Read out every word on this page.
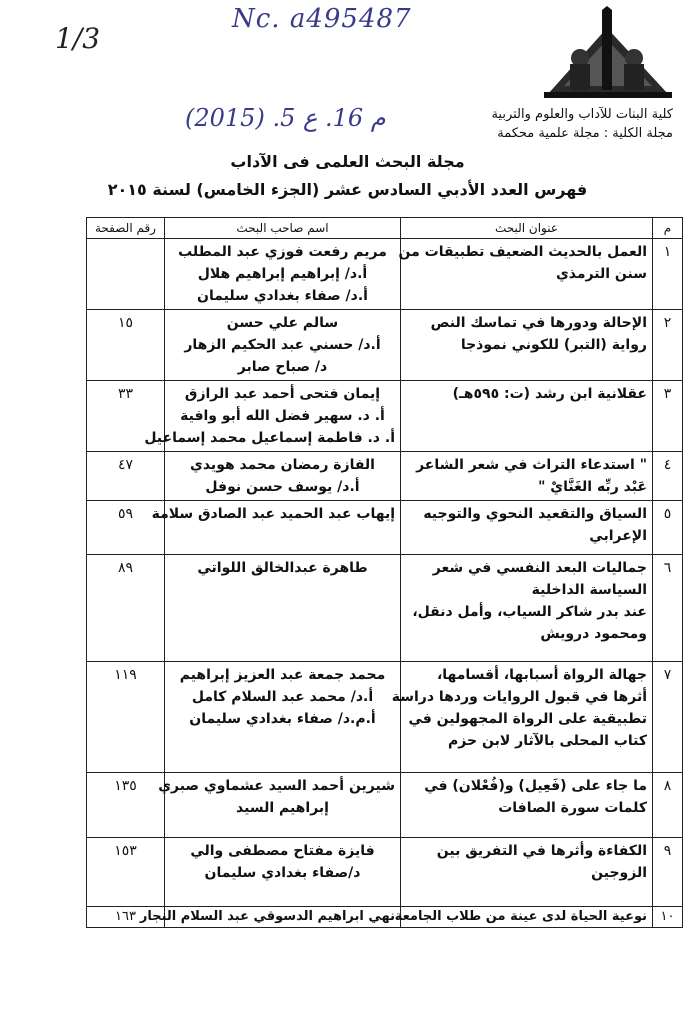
Nc. a495487
1/3
م 16. ع 5. (2015)	كلية البنات للآداب والعلوم والتربية
مجلة الكلية : مجلة علمية محكمة
مجلة البحث العلمى فى الآداب
فهرس العدد الأدبي السادس عشر (الجزء الخامس) لسنة ٢٠١٥
م	عنوان البحث	اسم صاحب البحث	رقم الصفحة
١	العمل بالحديث الضعيف تطبيقات من
سنن الترمذي	مريم رفعت فوزي عبد المطلب
أ.د/ إبراهيم إبراهيم هلال
أ.د/ صفاء بغدادي سليمان	

٢	الإحالة ودورها في تماسك النص
رواية (التبر) للكوني نموذجا	سالم علي حسن
أ.د/ حسني عبد الحكيم الزهار
د/ صباح صابر	١٥
٣	عقلانية ابن رشد (ت: ٥٩٥هـ)	إيمان فتحى أحمد عبد الرازق
أ. د. سهير فضل الله أبو وافية
أ. د. فاطمة إسماعيل محمد إسماعيل	٣٣
٤	" استدعاء التراث في شعر الشاعر
عَبْد ربِّه الغَنَّايْ "	الفازة رمضان محمد هويدي
أ.د/ يوسف حسن نوفل	٤٧
٥	السياق والتقعيد النحوي والتوجيه
الإعرابي	إيهاب عبد الحميد عبد الصادق سلامة	٥٩
٦	جماليات البعد النفسي في شعر
السياسة الداخلية
عند بدر شاكر السياب، وأمل دنقل،
ومحمود درويش	طاهرة عبدالخالق اللواتي	٨٩
٧	جهالة الرواة أسبابها، أقسامها،
أثرها في قبول الروايات وردها دراسة
تطبيقية على الرواة المجهولين في
كتاب المحلى بالآثار لابن حزم	محمد جمعة عبد العزيز إبراهيم
أ.د/ محمد عبد السلام كامل
أ.م.د/ صفاء بغدادي سليمان	١١٩
٨	ما جاء على (فَعِيل) و(فُعْلان) في
كلمات سورة الصافات	شيرين أحمد السيد عشماوي صبري
إبراهيم السيد	١٣٥
٩	الكفاءة وأثرها في التفريق بين
الزوجين	فايزة مفتاح مصطفى والي
د/صفاء بغدادي سليمان	١٥٣
١٠	نوعية الحياة لدى عينة من طلاب الجامعة	نهي ابراهيم الدسوقي عبد السلام النجار	١٦٣
